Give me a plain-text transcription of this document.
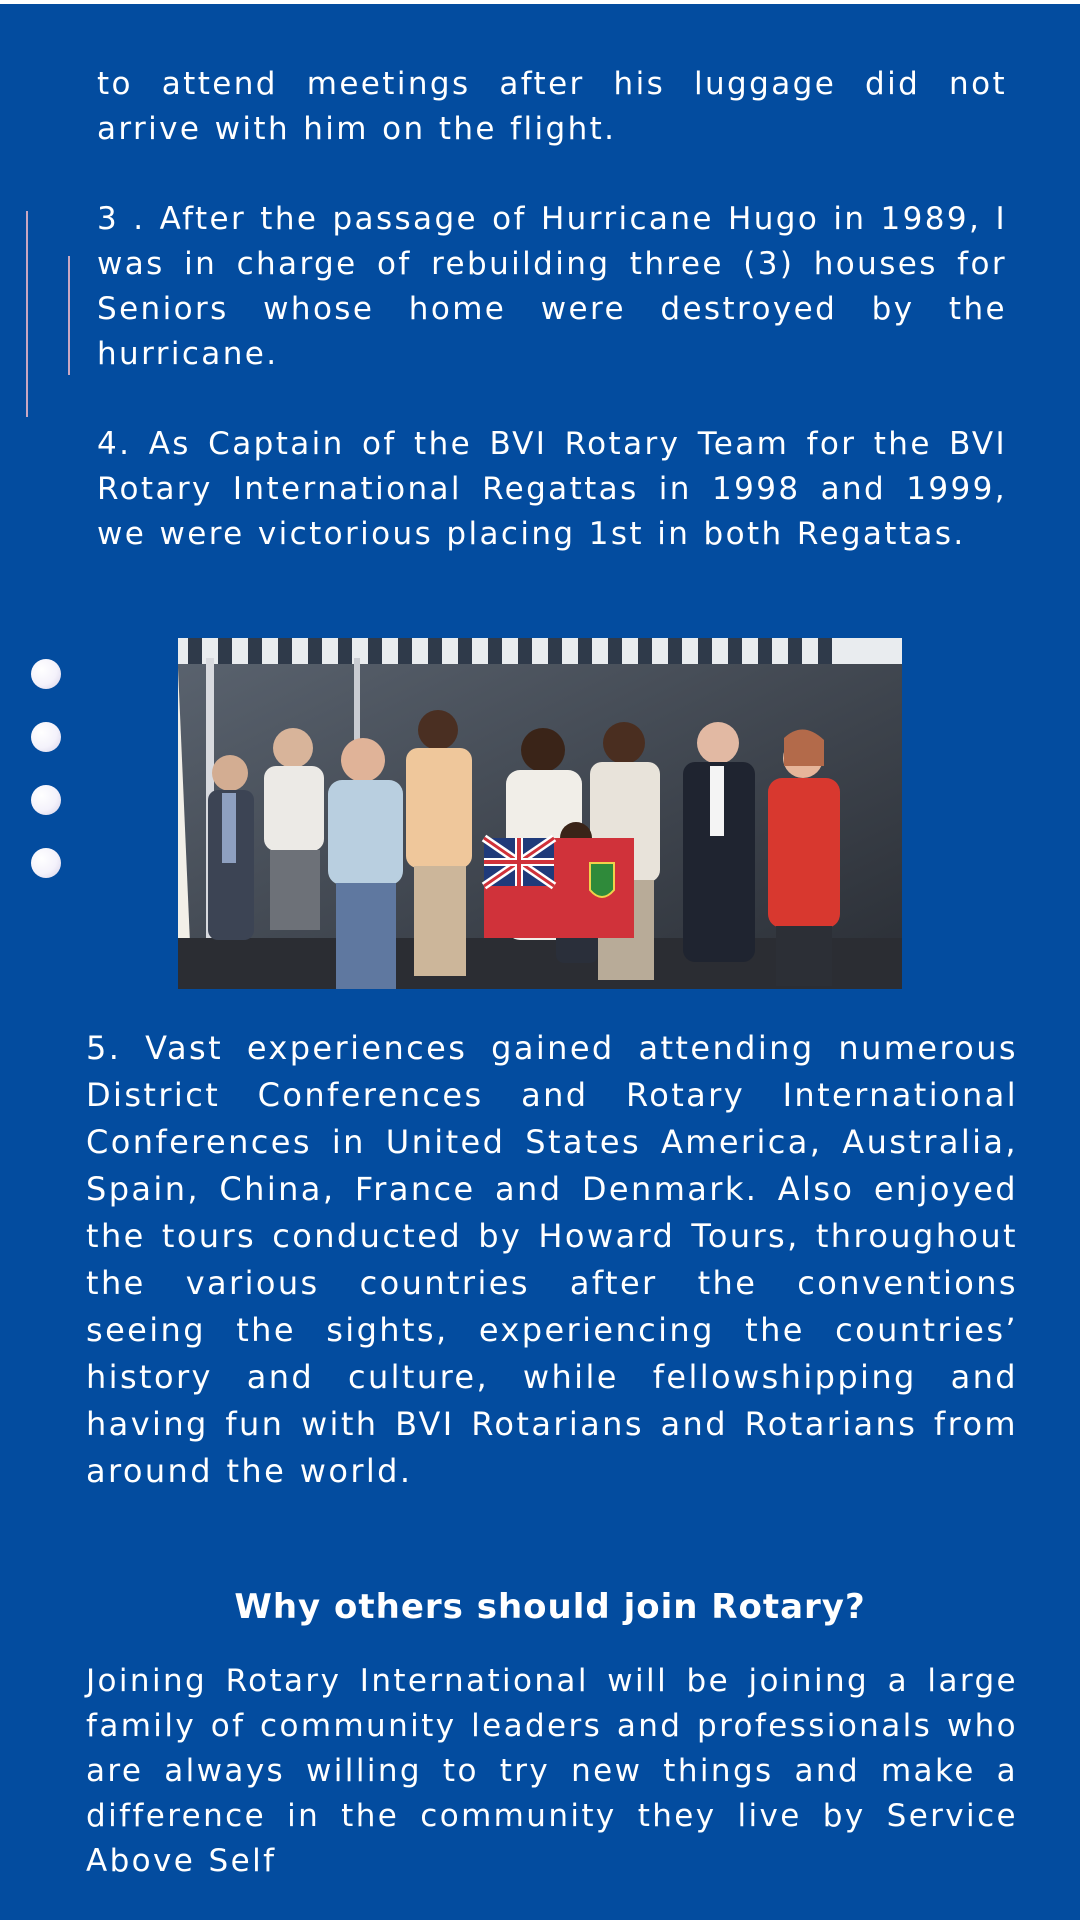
to attend meetings after his luggage did not arrive with him on the flight.

3 . After the passage of Hurricane Hugo in 1989, I was in charge of rebuilding three (3) houses for Seniors whose home were destroyed by the hurricane.

4. As Captain of the BVI Rotary Team for the BVI Rotary International Regattas in 1998 and 1999, we were victorious placing 1st in both Regattas.

5. Vast experiences gained attending numerous District Conferences and Rotary International Conferences in United States America, Australia, Spain, China, France and Denmark. Also enjoyed the tours conducted by Howard Tours, throughout the various countries after the conventions seeing the sights, experiencing the countries’ history and culture, while fellowshipping and having fun with BVI Rotarians and Rotarians from around the world.

Why others should join Rotary?

Joining Rotary International will be joining a large family of community leaders and professionals who are always willing to try new things and make a difference in the community they live by Service Above Self
